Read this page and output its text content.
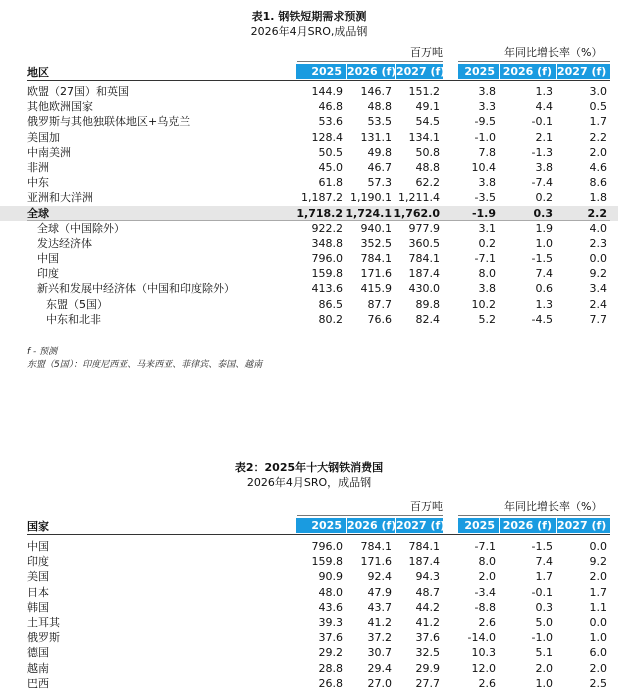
表1. 钢铁短期需求预测
2026年4月SRO,成品钢
百万吨	年同比增长率（%）
地区	2025 2026 (f) 2027 (f)	2025 2026 (f) 2027 (f)
欧盟（27国）和英国	144.9	146.7	151.2	3.8	1.3	3.0
其他欧洲国家	46.8	48.8	49.1	3.3	4.4	0.5
俄罗斯与其他独联体地区+乌克兰	53.6	53.5	54.5	-9.5	-0.1	1.7
美国加	128.4	131.1	134.1	-1.0	2.1	2.2
中南美洲	50.5	49.8	50.8	7.8	-1.3	2.0
非洲	45.0	46.7	48.8	10.4	3.8	4.6
中东	61.8	57.3	62.2	3.8	-7.4	8.6
亚洲和大洋洲	1,187.2 1,190.1 1,211.4	-3.5	0.2	1.8
全球	1,718.2 1,724.1 1,762.0	-1.9	0.3	2.2
全球（中国除外）	922.2	940.1	977.9	3.1	1.9	4.0
发达经济体	348.8	352.5	360.5	0.2	1.0	2.3
中国	796.0	784.1	784.1	-7.1	-1.5	0.0
印度	159.8	171.6	187.4	8.0	7.4	9.2
新兴和发展中经济体（中国和印度除外）	413.6	415.9	430.0	3.8	0.6	3.4
东盟（5国）	86.5	87.7	89.8	10.2	1.3	2.4
中东和北非	80.2	76.6	82.4	5.2	-4.5	7.7
f - 预测
东盟（5国）：印度尼西亚、马来西亚、菲律宾、泰国、越南
表2：2025年十大钢铁消费国
2026年4月SRO，成品钢
百万吨	年同比增长率（%）
国家	2025 2026 (f) 2027 (f)	2025 2026 (f) 2027 (f)
中国	796.0	784.1	784.1	-7.1	-1.5	0.0
印度	159.8	171.6	187.4	8.0	7.4	9.2
美国	90.9	92.4	94.3	2.0	1.7	2.0
日本	48.0	47.9	48.7	-3.4	-0.1	1.7
韩国	43.6	43.7	44.2	-8.8	0.3	1.1
土耳其	39.3	41.2	41.2	2.6	5.0	0.0
俄罗斯	37.6	37.2	37.6	-14.0	-1.0	1.0
德国	29.2	30.7	32.5	10.3	5.1	6.0
越南	28.8	29.4	29.9	12.0	2.0	2.0
巴西	26.8	27.0	27.7	2.6	1.0	2.5
